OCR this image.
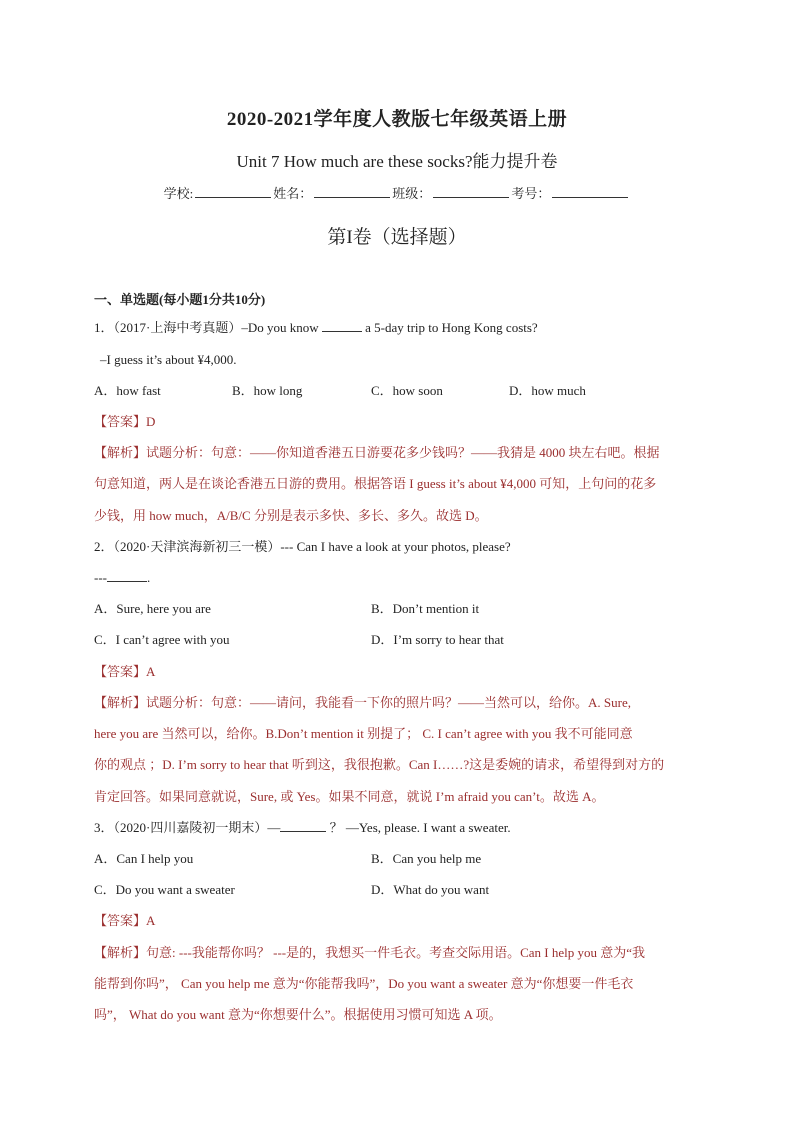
2020-2021学年度人教版七年级英语上册
Unit 7 How much are these socks?能力提升卷
学校:	姓名：	班级：	考号：
第I卷（选择题）
一、单选题(每小题1分共10分)
1．（2017·上海中考真题）–Do you know	a 5-day trip to Hong Kong costs?
–I guess it’s about ¥4,000.
A．how fast	B．how long	C．how soon	D．how much
【答案】D
【解析】试题分析：句意：——你知道香港五日游要花多少钱吗？——我猜是 4000 块左右吧。根据
句意知道，两人是在谈论香港五日游的费用。根据答语 I guess it’s about ¥4,000 可知，上句问的花多
少钱，用 how much，A/B/C 分别是表示多快、多长、多久。故选 D。
2．（2020·天津滨海新初三一模）--- Can I have a look at your photos, please?
---	.
A．Sure, here you are	B．Don’t mention it
C．I can’t agree with you	D．I’m sorry to hear that
【答案】A
【解析】试题分析：句意：——请问，我能看一下你的照片吗？——当然可以，给你。A. Sure,
here you are 当然可以，给你。B.Don’t mention it 别提了； C. I can’t agree with you 我不可能同意
你的观点 ；D. I’m sorry to hear that 听到这，我很抱歉。Can I……?这是委婉的请求，希望得到对方的
肯定回答。如果同意就说，Sure, 或 Yes。如果不同意，就说 I’m afraid you can’t。故选 A。
3．（2020·四川嘉陵初一期末）—	？ —Yes, please. I want a sweater.
A．Can I help you	B．Can you help me
C．Do you want a sweater	D．What do you want
【答案】A
【解析】句意: ---我能帮你吗？ ---是的，我想买一件毛衣。考查交际用语。Can I help you 意为“我
能帮到你吗”， Can you help me 意为“你能帮我吗”，Do you want a sweater 意为“你想要一件毛衣
吗”， What do you want 意为“你想要什么”。根据使用习惯可知选 A 项。
